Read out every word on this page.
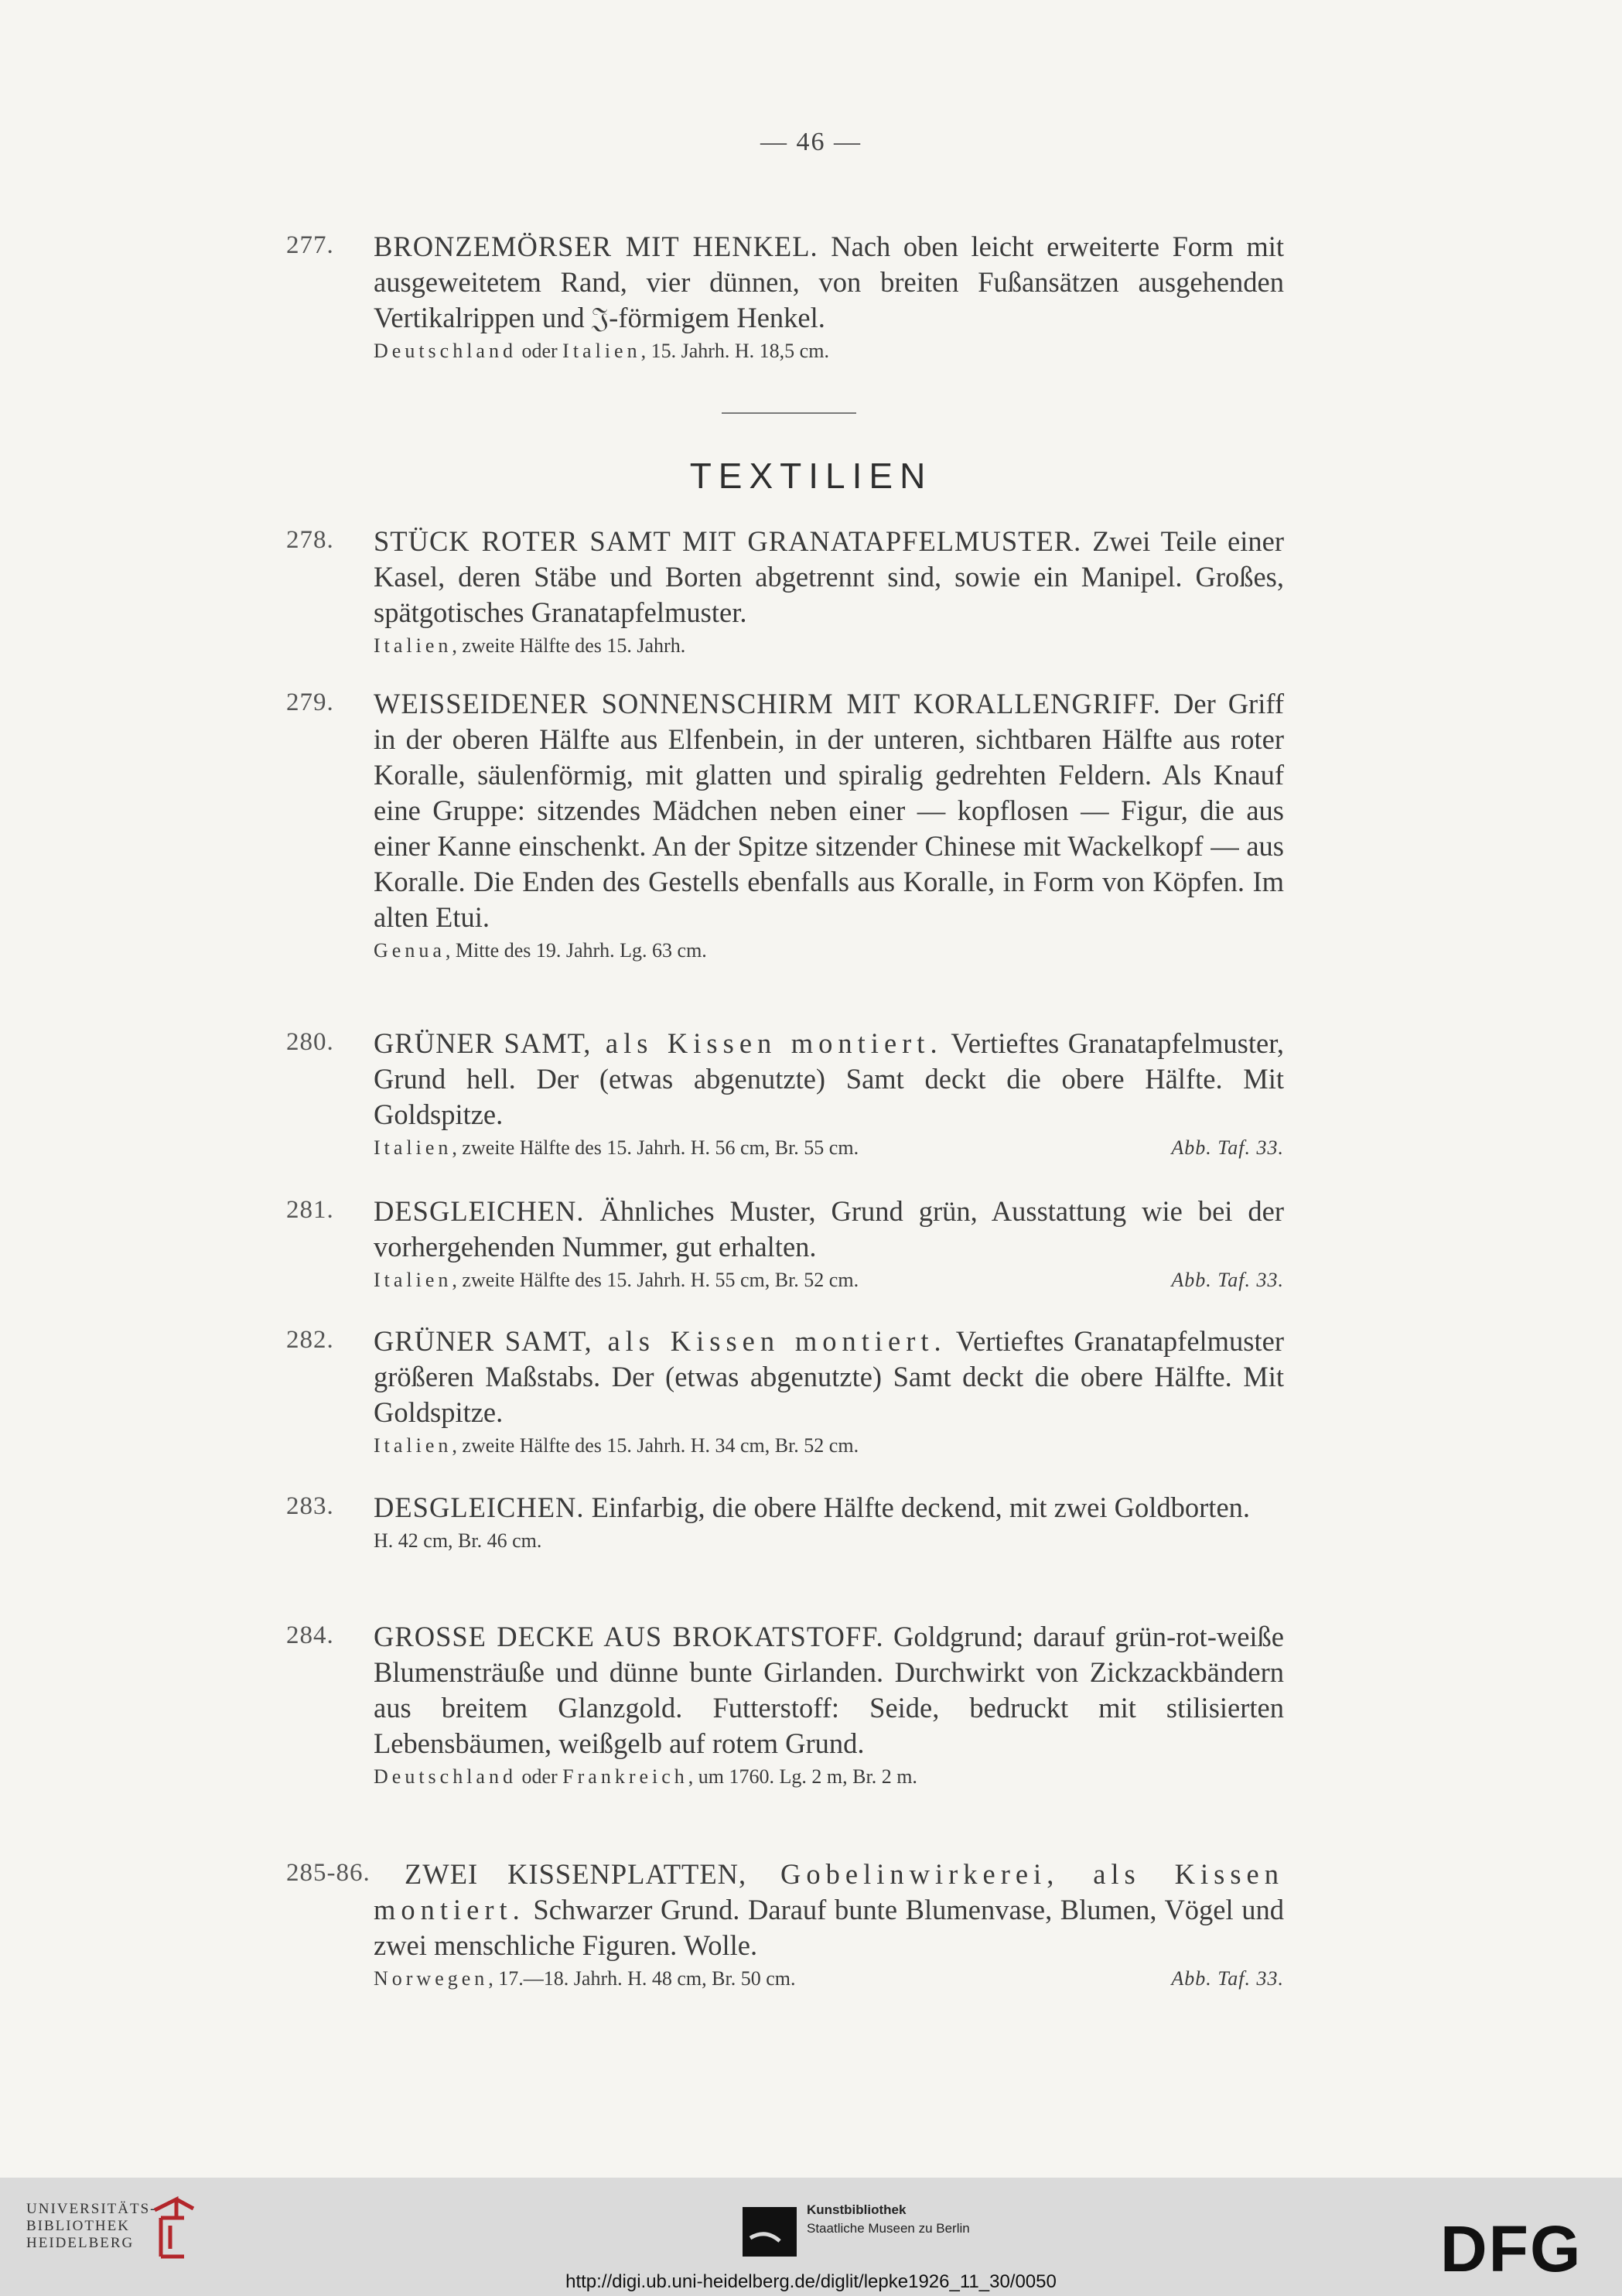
— 46 —
277.	BRONZEMÖRSER MIT HENKEL. Nach oben leicht erweiterte Form mit ausgeweitetem Rand, vier dünnen, von breiten Fußansätzen ausgehenden Vertikalrippen und 𝔍-förmigem Henkel.
Deutschland oder Italien, 15. Jahrh. H. 18,5 cm.
TEXTILIEN
278.	STÜCK ROTER SAMT MIT GRANATAPFELMUSTER. Zwei Teile einer Kasel, deren Stäbe und Borten abgetrennt sind, sowie ein Manipel. Großes, spätgotisches Granatapfelmuster.
Italien, zweite Hälfte des 15. Jahrh.
279.	WEISSEIDENER SONNENSCHIRM MIT KORALLENGRIFF. Der Griff in der oberen Hälfte aus Elfenbein, in der unteren, sichtbaren Hälfte aus roter Koralle, säulenförmig, mit glatten und spiralig gedrehten Feldern. Als Knauf eine Gruppe: sitzendes Mädchen neben einer — kopflosen — Figur, die aus einer Kanne einschenkt. An der Spitze sitzender Chinese mit Wackelkopf — aus Koralle. Die Enden des Gestells ebenfalls aus Koralle, in Form von Köpfen. Im alten Etui.
Genua, Mitte des 19. Jahrh. Lg. 63 cm.
280.	GRÜNER SAMT, als Kissen montiert. Vertieftes Granatapfelmuster, Grund hell. Der (etwas abgenutzte) Samt deckt die obere Hälfte. Mit Goldspitze.
Italien, zweite Hälfte des 15. Jahrh. H. 56 cm, Br. 55 cm.	Abb. Taf. 33.
281.	DESGLEICHEN. Ähnliches Muster, Grund grün, Ausstattung wie bei der vorhergehenden Nummer, gut erhalten.
Italien, zweite Hälfte des 15. Jahrh. H. 55 cm, Br. 52 cm.	Abb. Taf. 33.
282.	GRÜNER SAMT, als Kissen montiert. Vertieftes Granatapfelmuster größeren Maßstabs. Der (etwas abgenutzte) Samt deckt die obere Hälfte. Mit Goldspitze.
Italien, zweite Hälfte des 15. Jahrh. H. 34 cm, Br. 52 cm.
283.	DESGLEICHEN. Einfarbig, die obere Hälfte deckend, mit zwei Goldborten.
H. 42 cm, Br. 46 cm.
284.	GROSSE DECKE AUS BROKATSTOFF. Goldgrund; darauf grün-rot-weiße Blumensträuße und dünne bunte Girlanden. Durchwirkt von Zickzackbändern aus breitem Glanzgold. Futterstoff: Seide, bedruckt mit stilisierten Lebensbäumen, weißgelb auf rotem Grund.
Deutschland oder Frankreich, um 1760. Lg. 2 m, Br. 2 m.
285-86.	ZWEI KISSENPLATTEN, Gobelinwirkerei, als Kissen montiert. Schwarzer Grund. Darauf bunte Blumenvase, Blumen, Vögel und zwei menschliche Figuren. Wolle.
Norwegen, 17.—18. Jahrh. H. 48 cm, Br. 50 cm.	Abb. Taf. 33.
UNIVERSITÄTS-
BIBLIOTHEK
HEIDELBERG
Kunstbibliothek
Staatliche Museen zu Berlin	DFG
http://digi.ub.uni-heidelberg.de/diglit/lepke1926_11_30/0050
